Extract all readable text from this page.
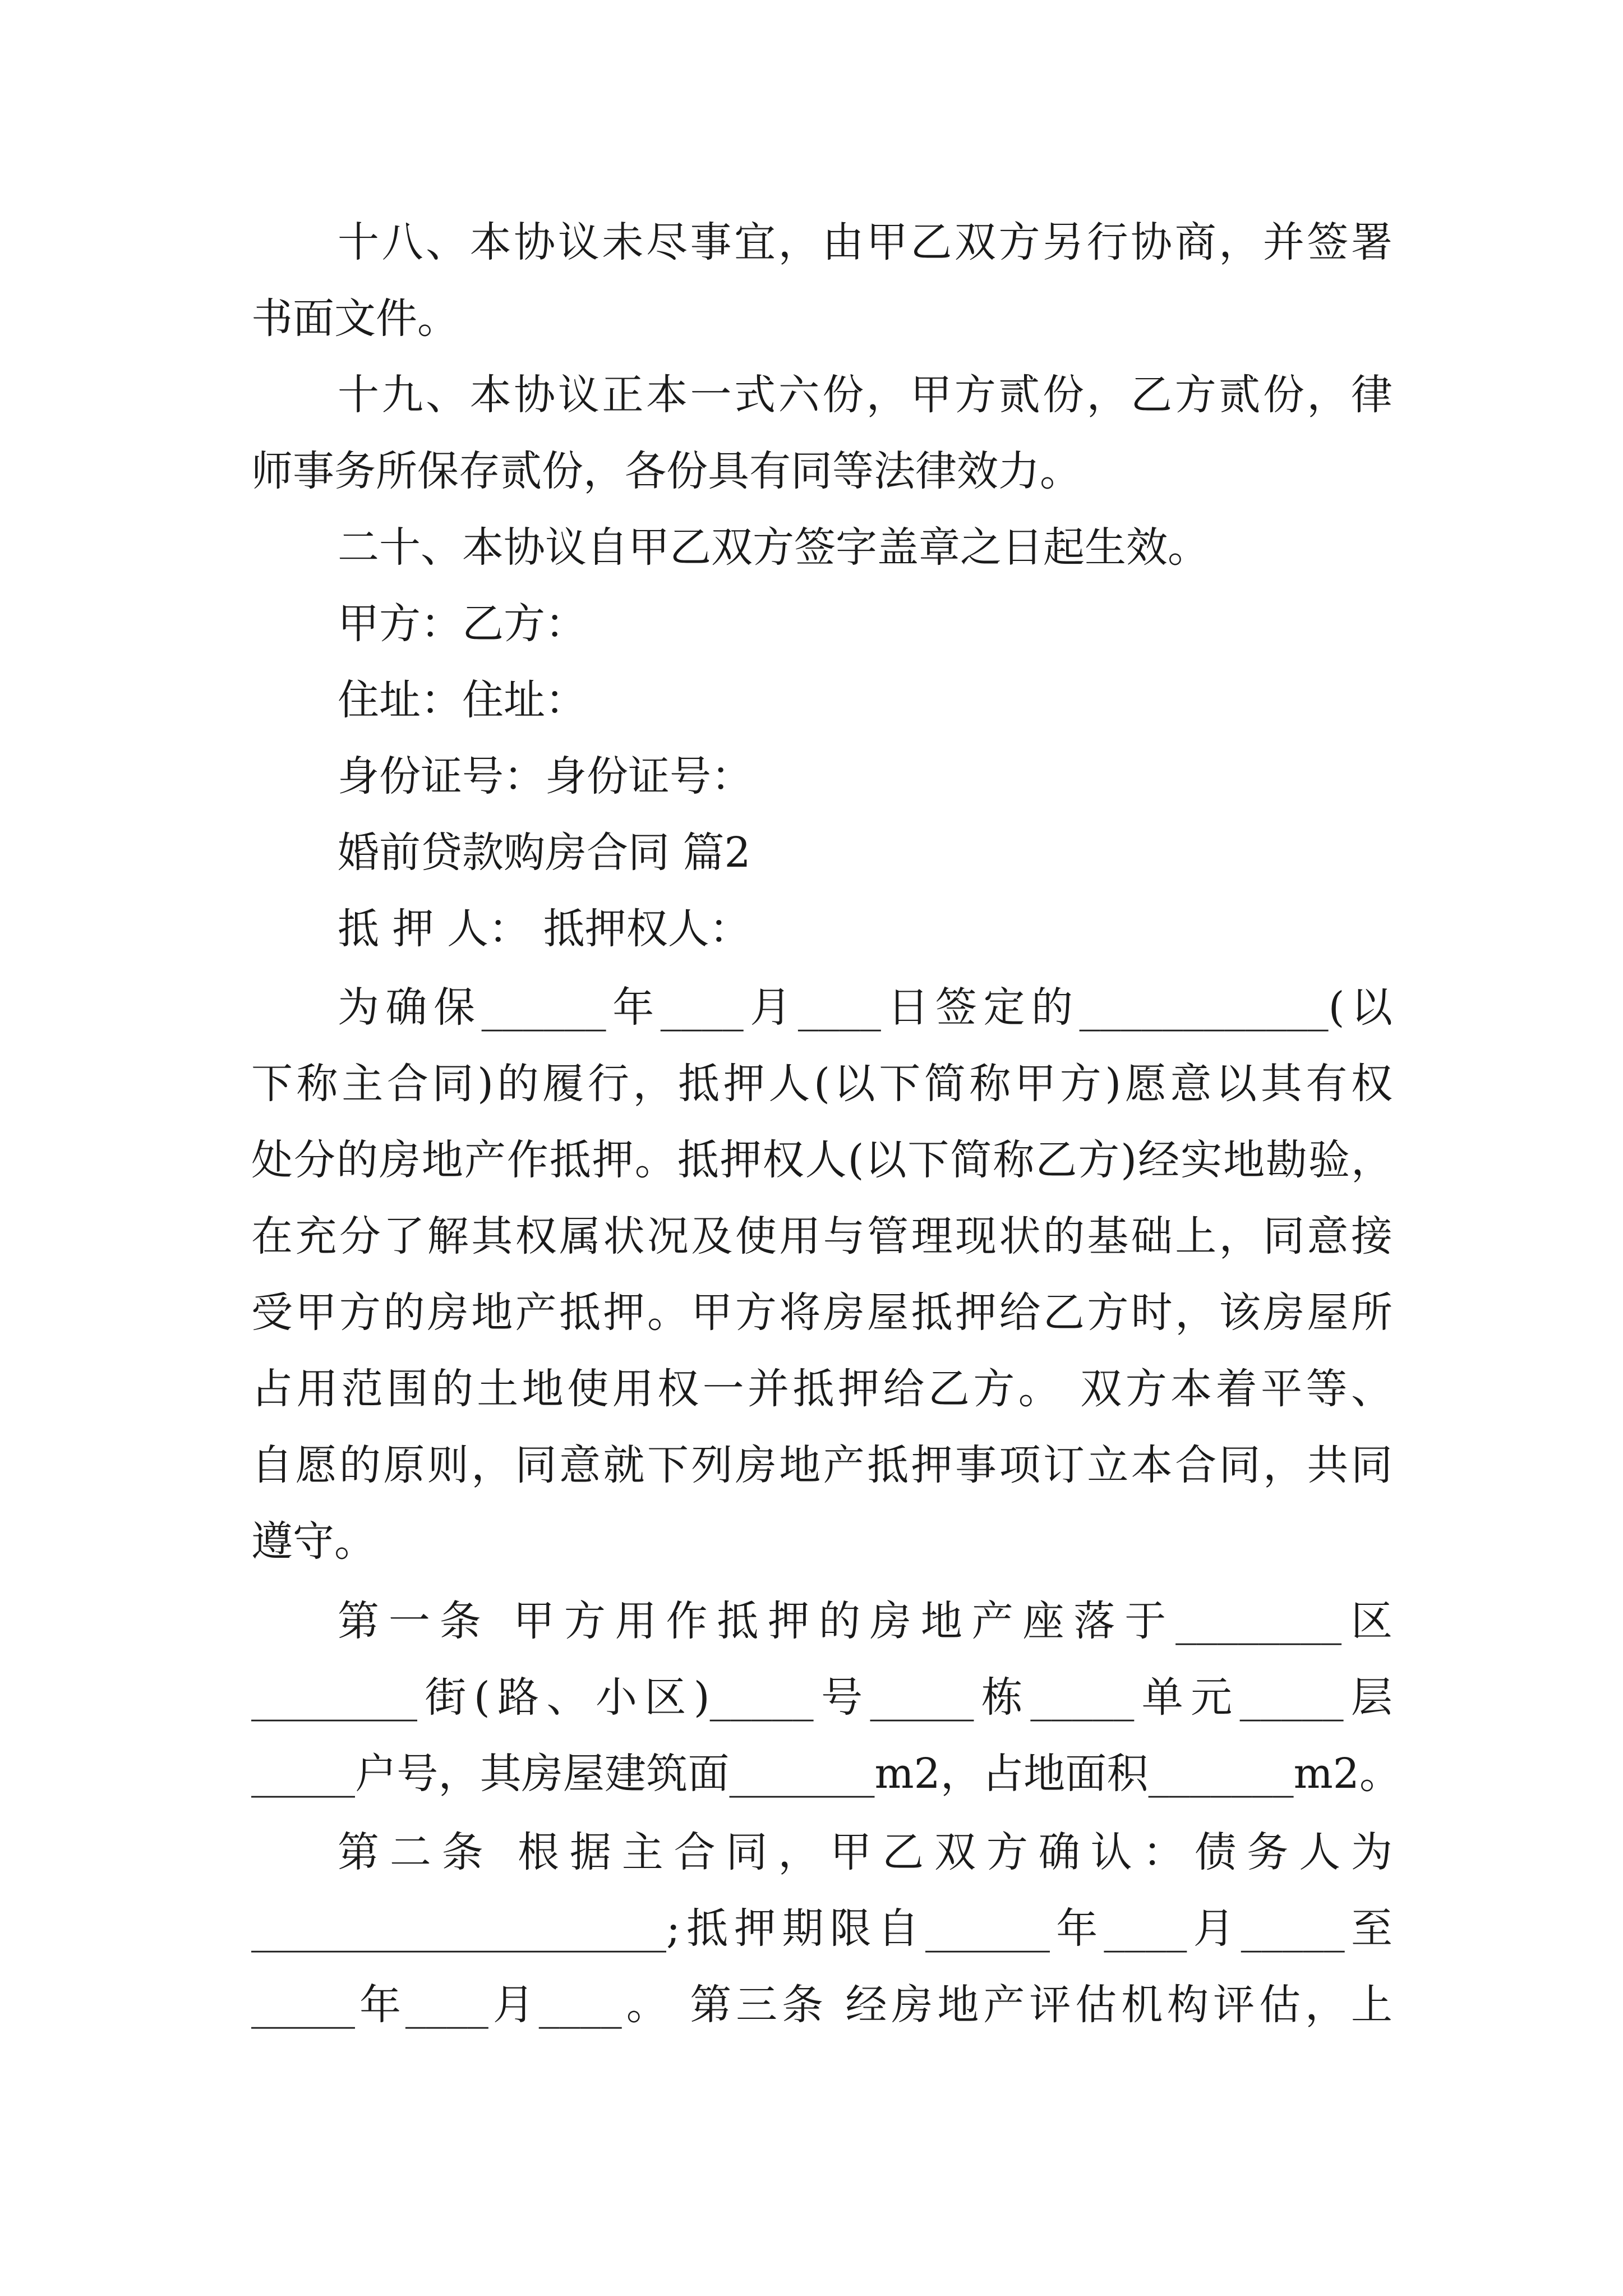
十八、本协议未尽事宜，由甲乙双方另行协商，并签署
书面文件。
十九、本协议正本一式六份，甲方贰份，乙方贰份，律
师事务所保存贰份，各份具有同等法律效力。
二十、本协议自甲乙双方签字盖章之日起生效。
甲方：乙方：
住址：住址：
身份证号：身份证号：
婚前贷款购房合同 篇2
抵 押 人： 抵押权人：
为确保______年____月____日签定的____________(以
下称主合同)的履行，抵押人(以下简称甲方)愿意以其有权
处分的房地产作抵押。抵押权人(以下简称乙方)经实地勘验，
在充分了解其权属状况及使用与管理现状的基础上，同意接
受甲方的房地产抵押。甲方将房屋抵押给乙方时，该房屋所
占用范围的土地使用权一并抵押给乙方。 双方本着平等、
自愿的原则，同意就下列房地产抵押事项订立本合同，共同
遵守。
第一条 甲方用作抵押的房地产座落于________区
________街(路、小区)_____号_____栋_____单元_____层
_____户号，其房屋建筑面_______m2，占地面积_______m2。
第二条 根据主合同，甲乙双方确认：债务人为
____________________;抵押期限自______年____月_____至
_____年____月____。 第三条 经房地产评估机构评估，上
